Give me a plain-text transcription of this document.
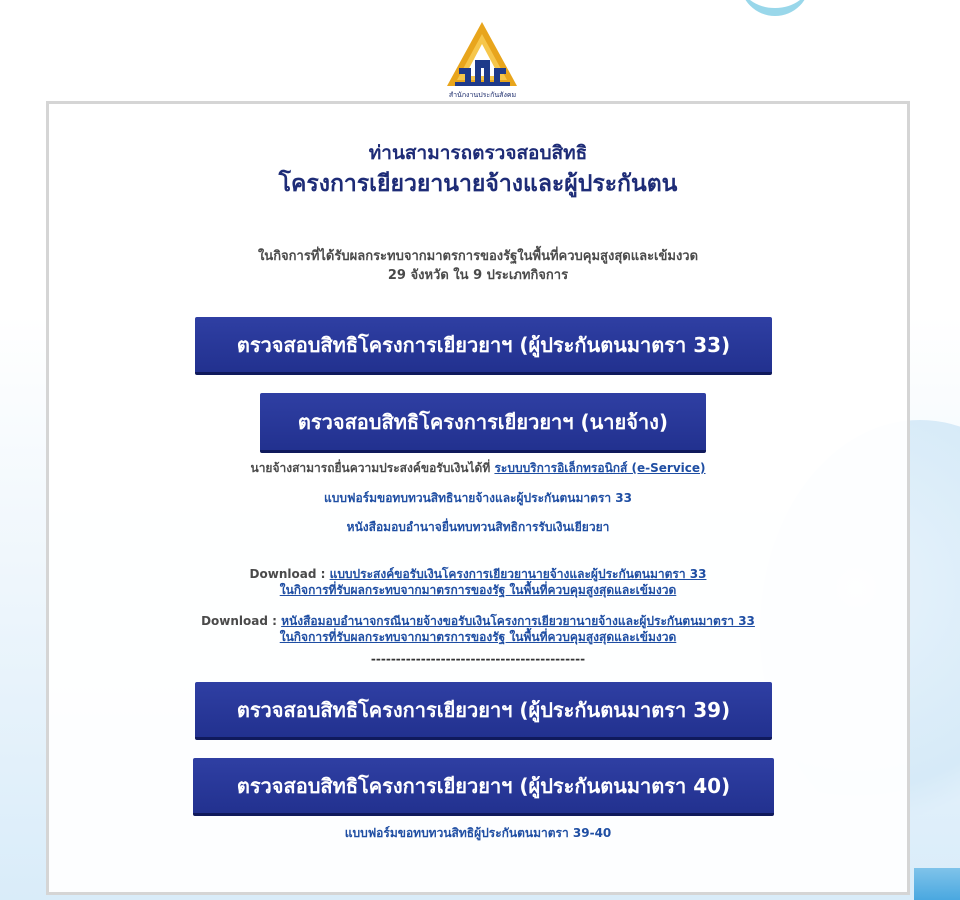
สำนักงานประกันสังคม
ท่านสามารถตรวจสอบสิทธิ
โครงการเยียวยานายจ้างและผู้ประกันตน
ในกิจการที่ได้รับผลกระทบจากมาตรการของรัฐในพื้นที่ควบคุมสูงสุดและเข้มงวด
29 จังหวัด ใน 9 ประเภทกิจการ
ตรวจสอบสิทธิโครงการเยียวยาฯ (ผู้ประกันตนมาตรา 33)
ตรวจสอบสิทธิโครงการเยียวยาฯ (นายจ้าง)
นายจ้างสามารถยื่นความประสงค์ขอรับเงินได้ที่ ระบบบริการอิเล็กทรอนิกส์ (e-Service)
แบบฟอร์มขอทบทวนสิทธินายจ้างและผู้ประกันตนมาตรา 33
หนังสือมอบอำนาจยื่นทบทวนสิทธิการรับเงินเยียวยา
Download : แบบประสงค์ขอรับเงินโครงการเยียวยานายจ้างและผู้ประกันตนมาตรา 33
ในกิจการที่รับผลกระทบจากมาตรการของรัฐ ในพื้นที่ควบคุมสูงสุดและเข้มงวด
Download : หนังสือมอบอำนาจกรณีนายจ้างขอรับเงินโครงการเยียวยานายจ้างและผู้ประกันตนมาตรา 33
ในกิจการที่รับผลกระทบจากมาตรการของรัฐ ในพื้นที่ควบคุมสูงสุดและเข้มงวด
-------------------------------------------
ตรวจสอบสิทธิโครงการเยียวยาฯ (ผู้ประกันตนมาตรา 39)
ตรวจสอบสิทธิโครงการเยียวยาฯ (ผู้ประกันตนมาตรา 40)
แบบฟอร์มขอทบทวนสิทธิผู้ประกันตนมาตรา 39-40
